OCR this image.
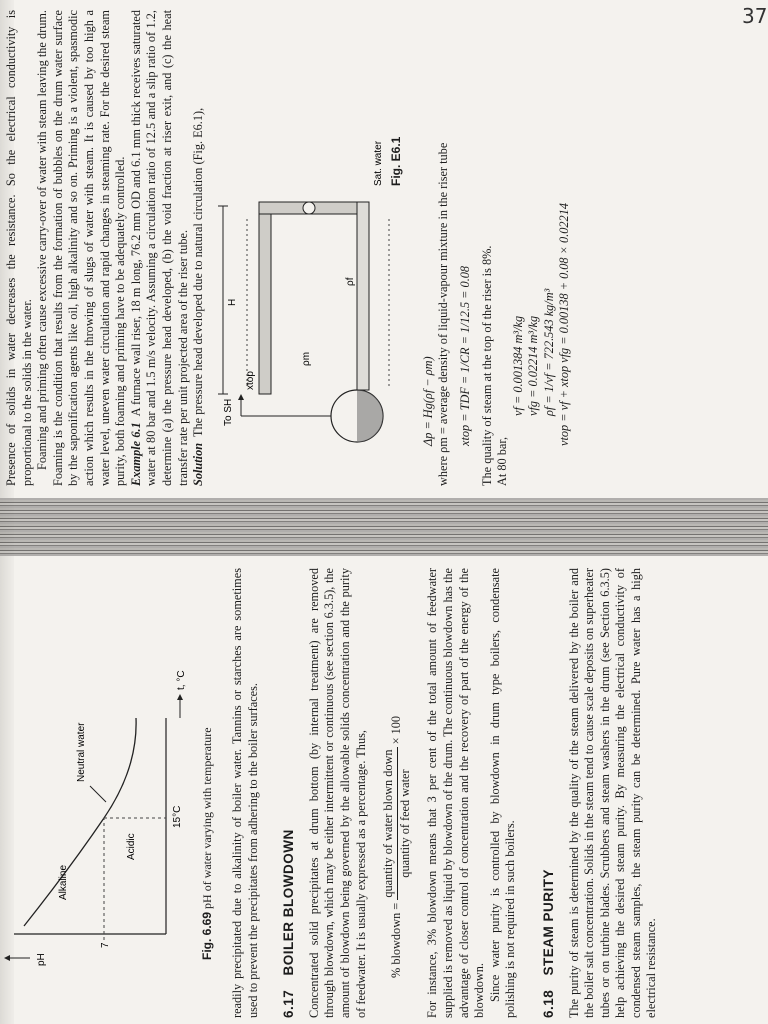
37
pH
7
Alkaline
Acidic
Neutral water
15°C
t, °C
Fig. 6.69 pH of water varying with temperature readily precipitated due to alkalinity of boiler water. Tannins or starches are sometimes used to prevent the precipitates from adhering to the boiler surfaces. 6.17 BOILER BLOWDOWN Concentrated solid precipitates at drum bottom (by internal treatment) are removed through blowdown, which may be either intermittent or continuous (see section 6.3.5), the amount of blowdown being governed by the allowable solids concentration and the purity of feedwater. It is usually expressed as a percentage. Thus,	% blowdown =
quantity of water blown down quantity of feed water
× 100	For instance, 3% blowdown means that 3 per cent of the total amount of feedwater supplied is removed as liquid by blowdown of the drum. The continuous blowdown has the advantage of closer control of concentration and the recovery of part of the energy of the blowdown. Since water purity is controlled by blowdown in drum type boilers, condensate polishing is not required in such boilers. 6.18 STEAM PURITY The purity of steam is determined by the quality of the steam delivered by the boiler and the boiler salt concentration. Solids in the steam tend to cause scale deposits on superheater tubes or on turbine blades. Scrubbers and steam washers in the drum (see Section 6.3.5) help achieving the desired steam purity. By measuring the electrical conductivity of condensed steam samples, the steam purity can be determined. Pure water has a high electrical resistance.

Presence of solids in water decreases the resistance. So the electrical conductivity is proportional to the solids in the water. Foaming and priming often cause excessive carry-over of water with steam leaving the drum. Foaming is the condition that results from the formation of bubbles on the drum water surface by the saponification agents like oil, high alkalinity and so on. Priming is a violent, spasmodic action which results in the throwing of slugs of water with steam. It is caused by too high a water level, uneven water circulation and rapid changes in steaming rate. For the desired steam purity, both foaming and priming have to be adequately controlled. Example 6.1  A furnace wall riser, 18 m long, 76.2 mm OD and 6.1 mm thick receives saturated water at 80 bar and 1.5 m/s velocity. Assuming a circulation ratio of 12.5 and a slip ratio of 1.2, determine (a) the pressure head developed, (b) the void fraction at riser exit, and (c) the heat transfer rate per unit projected area of the riser tube. Solution  The pressure head developed due to natural circulation (Fig. E6.1), To SH
xtop
ρm
ρf
H
Sat. water Fig. E6.1

Δp = Hg(ρf − ρm) where ρm = average density of liquid-vapour mixture in the riser tube xtop = TDF = 1/CR = 1/12.5 = 0.08 The quality of steam at the top of the riser is 8%. At 80 bar,

vf = 0.001384 m³/kg vfg = 0.02214 m³/kg ρf = 1/vf = 722.543 kg/m³ vtop = vf + xtop vfg = 0.00138 + 0.08 × 0.02214
